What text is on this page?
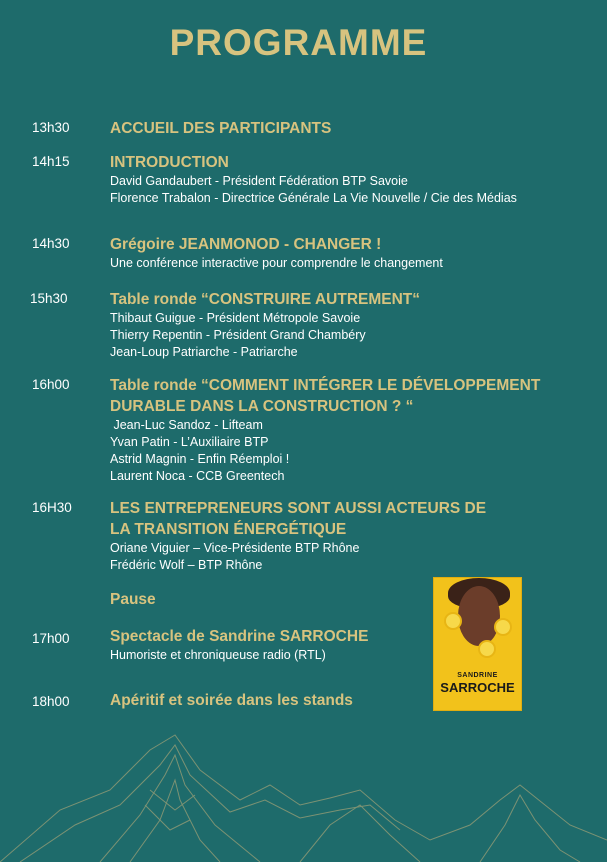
PROGRAMME
13h30	ACCUEIL DES PARTICIPANTS
14h15	INTRODUCTION
David Gandaubert - Président Fédération BTP Savoie
Florence Trabalon - Directrice Générale La Vie Nouvelle / Cie des Médias
14h30	Grégoire JEANMONOD - CHANGER !
Une conférence interactive pour comprendre le changement
15h30	Table ronde “CONSTRUIRE AUTREMENT“
Thibaut Guigue - Président Métropole Savoie
Thierry Repentin - Président Grand Chambéry
Jean-Loup Patriarche - Patriarche
16h00	Table ronde “COMMENT INTÉGRER LE DÉVELOPPEMENT
DURABLE DANS LA CONSTRUCTION ? “
Jean-Luc Sandoz - Lifteam
Yvan Patin - L’Auxiliaire BTP
Astrid Magnin - Enfin Réemploi !
Laurent Noca - CCB Greentech
16H30 LES ENTREPRENEURS SONT AUSSI ACTEURS DE
LA TRANSITION ÉNERGÉTIQUE
Oriane Viguier – Vice-Présidente BTP Rhône
Frédéric Wolf – BTP Rhône
Pause
17h00	Spectacle de Sandrine SARROCHE
Humoriste et chroniqueuse radio (RTL)
18h00	Apéritif et soirée dans les stands
SANDRINE
SARROCHE
